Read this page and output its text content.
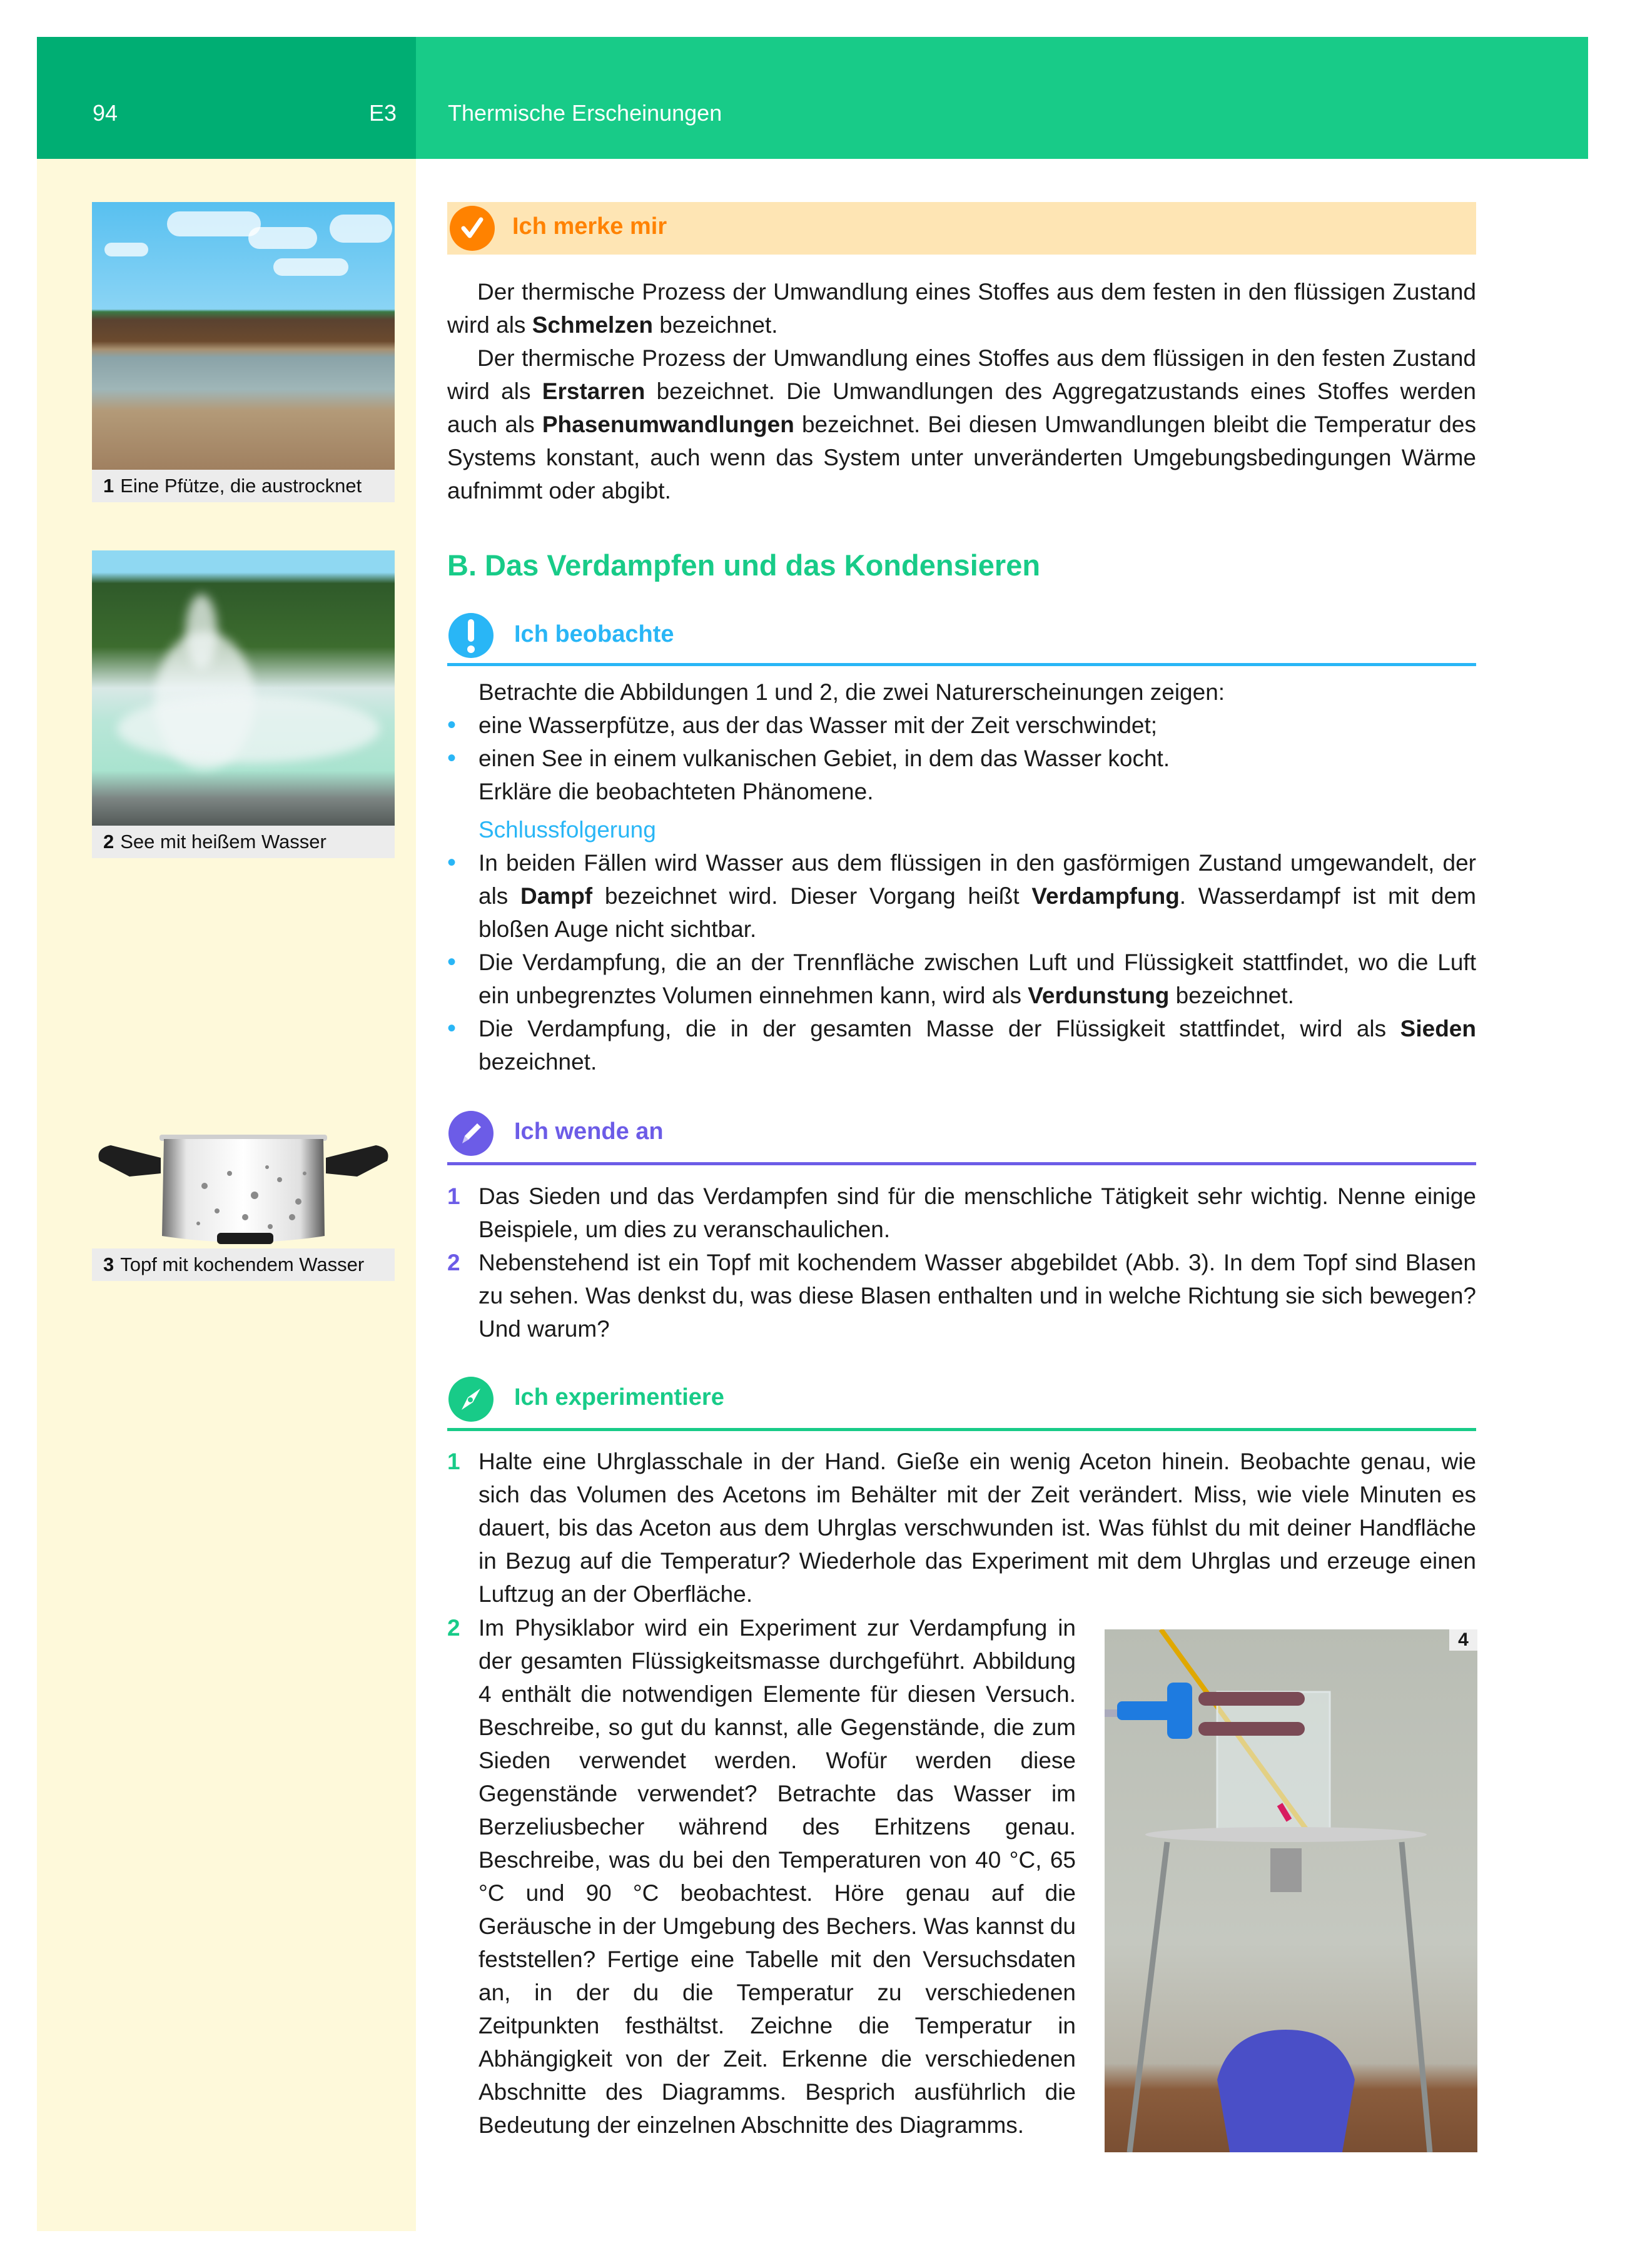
94	E3 Thermische Erscheinungen
1 Eine Pfütze, die austrocknet
2 See mit heißem Wasser
3 Topf mit kochendem Wasser
Ich merke mir
Der thermische Prozess der Umwandlung eines Stoffes aus dem festen in den flüssigen Zustand wird als Schmelzen bezeichnet.
Der thermische Prozess der Umwandlung eines Stoffes aus dem flüssigen in den festen Zustand wird als Erstarren bezeichnet. Die Umwandlungen des Aggregatzustands eines Stoffes werden auch als Phasenumwandlungen bezeichnet. Bei diesen Umwandlungen bleibt die Temperatur des Systems konstant, auch wenn das System unter unveränderten Umgebungsbedingungen Wärme aufnimmt oder abgibt.
B. Das Verdampfen und das Kondensieren
Ich beobachte
Betrachte die Abbildungen 1 und 2, die zwei Naturerscheinungen zeigen:
• eine Wasserpfütze, aus der das Wasser mit der Zeit verschwindet;
• einen See in einem vulkanischen Gebiet, in dem das Wasser kocht.
Erkläre die beobachteten Phänomene.
Schlussfolgerung
• In beiden Fällen wird Wasser aus dem flüssigen in den gasförmigen Zustand umgewandelt, der als Dampf bezeichnet wird. Dieser Vorgang heißt Verdampfung. Wasserdampf ist mit dem bloßen Auge nicht sichtbar.
• Die Verdampfung, die an der Trennfläche zwischen Luft und Flüssigkeit stattfindet, wo die Luft ein unbegrenztes Volumen einnehmen kann, wird als Verdunstung bezeichnet.
• Die Verdampfung, die in der gesamten Masse der Flüssigkeit stattfindet, wird als Sieden bezeichnet.
Ich wende an
1 Das Sieden und das Verdampfen sind für die menschliche Tätigkeit sehr wichtig. Nenne einige Beispiele, um dies zu veranschaulichen.
2 Nebenstehend ist ein Topf mit kochendem Wasser abgebildet (Abb. 3). In dem Topf sind Blasen zu sehen. Was denkst du, was diese Blasen enthalten und in welche Richtung sie sich bewegen? Und warum?
Ich experimentiere
1 Halte eine Uhrglasschale in der Hand. Gieße ein wenig Aceton hinein. Beobachte genau, wie sich das Volumen des Acetons im Behälter mit der Zeit verändert. Miss, wie viele Minuten es dauert, bis das Aceton aus dem Uhrglas verschwunden ist. Was fühlst du mit deiner Handfläche in Bezug auf die Temperatur? Wiederhole das Experiment mit dem Uhrglas und erzeuge einen Luftzug an der Oberfläche.
2 Im Physiklabor wird ein Experiment zur Verdampfung in der gesamten Flüssigkeitsmasse durchgeführt. Abbildung 4 enthält die notwendigen Elemente für diesen Versuch. Beschreibe, so gut du kannst, alle Gegenstände, die zum Sieden verwendet werden. Wofür werden diese Gegenstände verwendet? Betrachte das Wasser im Berzeliusbecher während des Erhitzens genau. Beschreibe, was du bei den Temperaturen von 40 °C, 65 °C und 90 °C beobachtest. Höre genau auf die Geräusche in der Umgebung des Bechers. Was kannst du feststellen? Fertige eine Tabelle mit den Versuchsdaten an, in der du die Temperatur zu verschiedenen Zeitpunkten festhältst. Zeichne die Temperatur in Abhängigkeit von der Zeit. Erkenne die verschiedenen Abschnitte des Diagramms. Besprich ausführlich die Bedeutung der einzelnen Abschnitte des Diagramms.
4
